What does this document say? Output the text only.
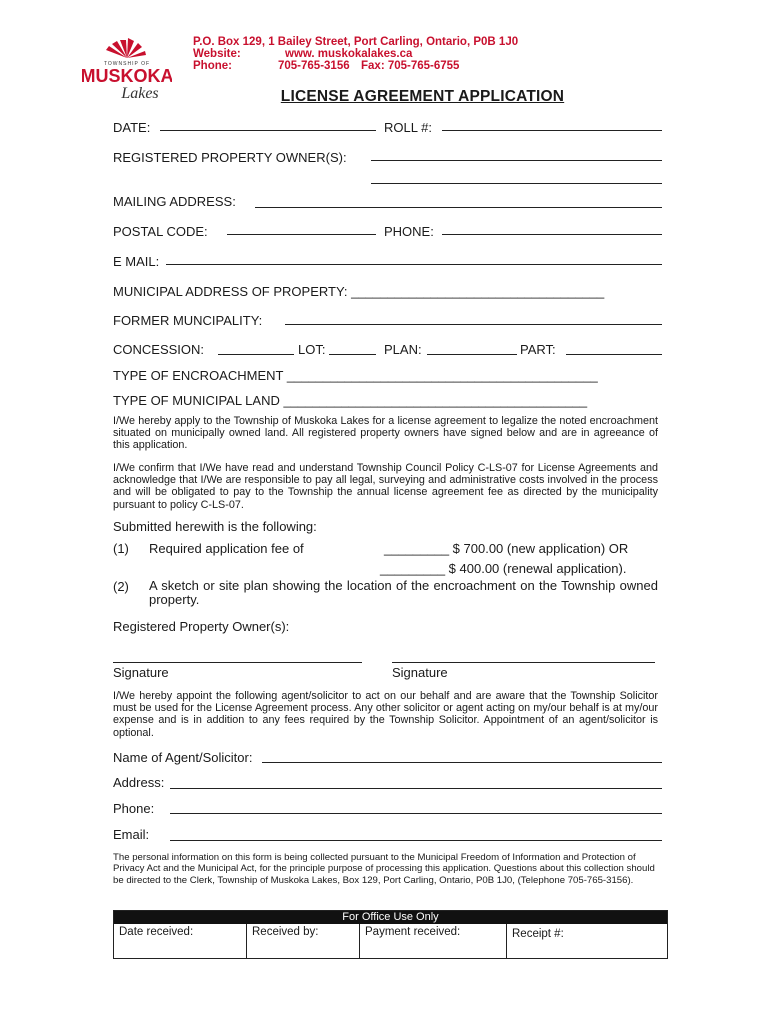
TOWNSHIP OF
MUSKOKA
Lakes
P.O. Box 129, 1 Bailey Street, Port Carling, Ontario, P0B 1J0
Website:	www. muskokalakes.ca
Phone:	705-765-3156 Fax: 705-765-6755
LICENSE AGREEMENT APPLICATION
DATE:	ROLL #:
REGISTERED PROPERTY OWNER(S):
MAILING ADDRESS:
POSTAL CODE:	PHONE:
E MAIL:
MUNICIPAL ADDRESS OF PROPERTY: ___________________________________
FORMER MUNCIPALITY:
CONCESSION:	LOT:	PLAN:	PART:
TYPE OF ENCROACHMENT ___________________________________________
TYPE OF MUNICIPAL LAND __________________________________________
I/We hereby apply to the Township of Muskoka Lakes for a license agreement to legalize the noted encroachment situated on municipally owned land. All registered property owners have signed below and are in agreeance of this application.
I/We confirm that I/We have read and understand Township Council Policy C-LS-07 for License Agreements and acknowledge that I/We are responsible to pay all legal, surveying and administrative costs involved in the process and will be obligated to pay to the Township the annual license agreement fee as directed by the municipality pursuant to policy C-LS-07.
Submitted herewith is the following:
(1) Required application fee of	_________ $ 700.00 (new application) OR
_________ $ 400.00 (renewal application).
(2) A sketch or site plan showing the location of the encroachment on the Township owned property.
Registered Property Owner(s):
Signature	Signature
I/We hereby appoint the following agent/solicitor to act on our behalf and are aware that the Township Solicitor must be used for the License Agreement process. Any other solicitor or agent acting on my/our behalf is at my/our expense and is in addition to any fees required by the Township Solicitor. Appointment of an agent/solicitor is optional.
Name of Agent/Solicitor:
Address:
Phone:
Email:
The personal information on this form is being collected pursuant to the Municipal Freedom of Information and Protection of Privacy Act and the Municipal Act, for the principle purpose of processing this application. Questions about this collection should be directed to the Clerk, Township of Muskoka Lakes, Box 129, Port Carling, Ontario, P0B 1J0, (Telephone 705-765-3156).
For Office Use Only
Date received:	Received by:	Payment received:	Receipt #:
